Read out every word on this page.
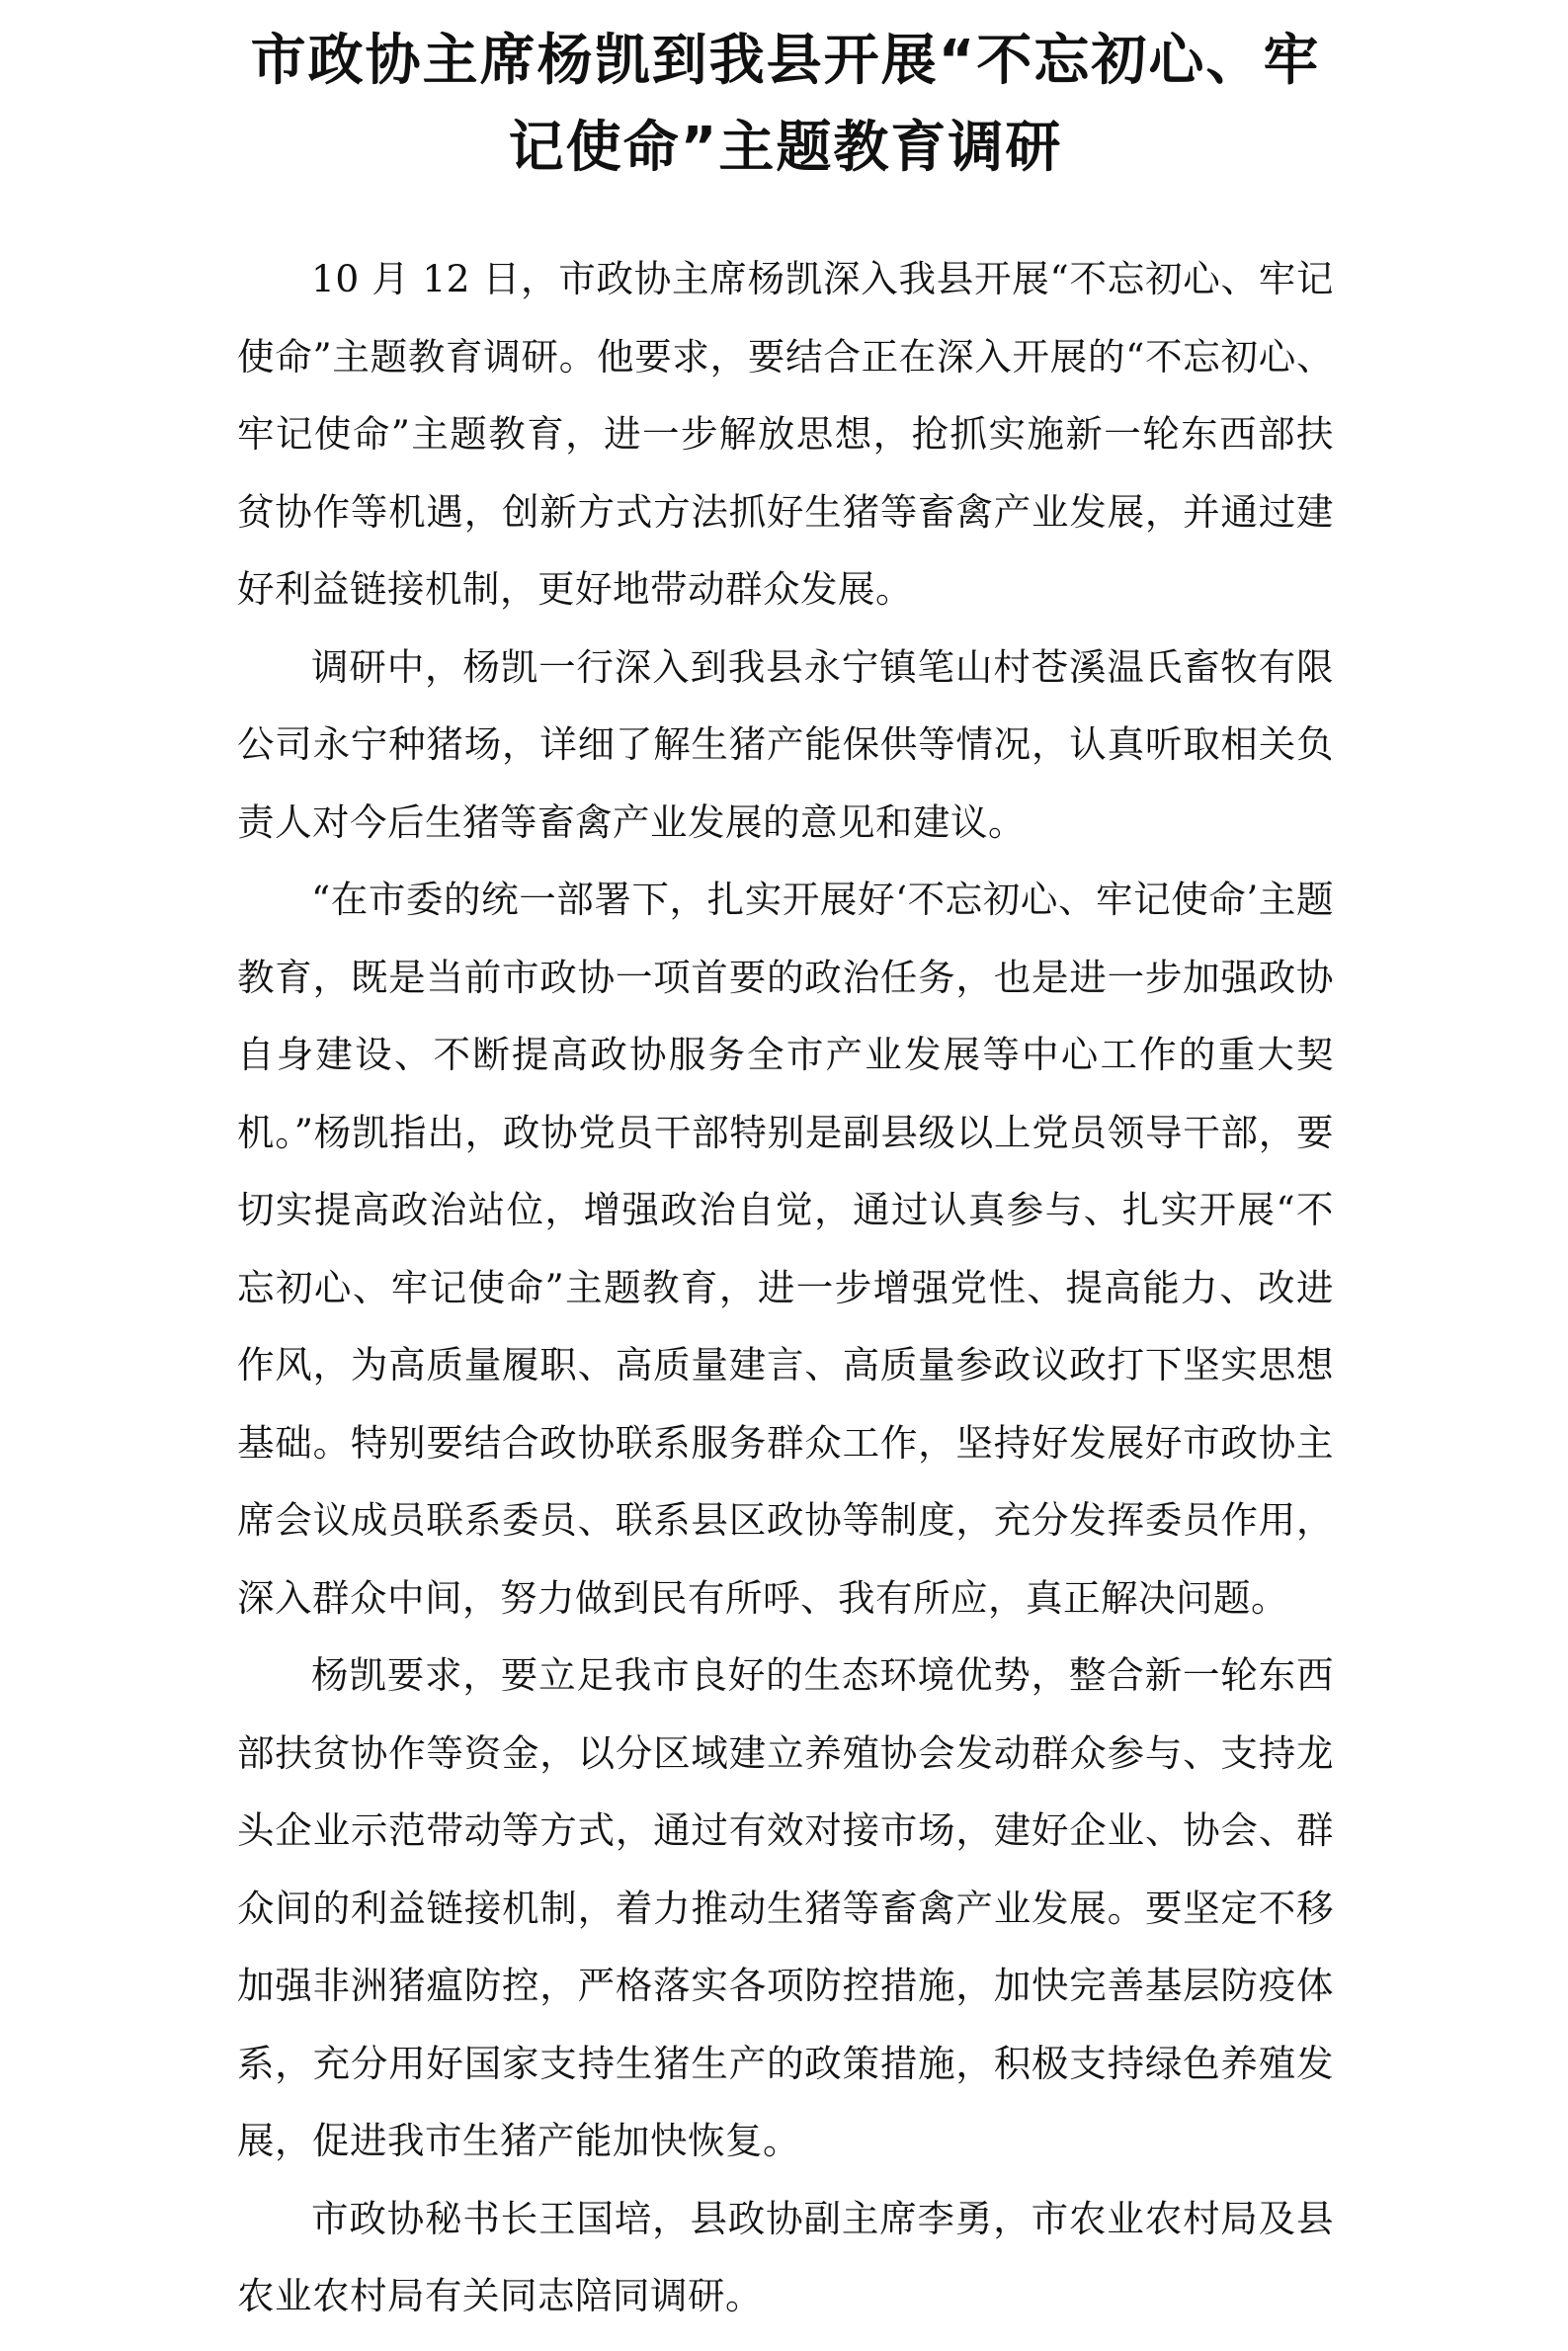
市政协主席杨凯到我县开展“不忘初心、牢
记使命”主题教育调研

10 月 12 日，市政协主席杨凯深入我县开展“不忘初心、牢记使命”主题教育调研。他要求，要结合正在深入开展的“不忘初心、牢记使命”主题教育，进一步解放思想，抢抓实施新一轮东西部扶贫协作等机遇，创新方式方法抓好生猪等畜禽产业发展，并通过建好利益链接机制，更好地带动群众发展。

调研中，杨凯一行深入到我县永宁镇笔山村苍溪温氏畜牧有限公司永宁种猪场，详细了解生猪产能保供等情况，认真听取相关负责人对今后生猪等畜禽产业发展的意见和建议。

“在市委的统一部署下，扎实开展好‘不忘初心、牢记使命’主题教育，既是当前市政协一项首要的政治任务，也是进一步加强政协自身建设、不断提高政协服务全市产业发展等中心工作的重大契机。”杨凯指出，政协党员干部特别是副县级以上党员领导干部，要切实提高政治站位，增强政治自觉，通过认真参与、扎实开展“不忘初心、牢记使命”主题教育，进一步增强党性、提高能力、改进作风，为高质量履职、高质量建言、高质量参政议政打下坚实思想基础。特别要结合政协联系服务群众工作，坚持好发展好市政协主席会议成员联系委员、联系县区政协等制度，充分发挥委员作用，深入群众中间，努力做到民有所呼、我有所应，真正解决问题。

杨凯要求，要立足我市良好的生态环境优势，整合新一轮东西部扶贫协作等资金，以分区域建立养殖协会发动群众参与、支持龙头企业示范带动等方式，通过有效对接市场，建好企业、协会、群众间的利益链接机制，着力推动生猪等畜禽产业发展。要坚定不移加强非洲猪瘟防控，严格落实各项防控措施，加快完善基层防疫体系，充分用好国家支持生猪生产的政策措施，积极支持绿色养殖发展，促进我市生猪产能加快恢复。

市政协秘书长王国培，县政协副主席李勇，市农业农村局及县农业农村局有关同志陪同调研。
